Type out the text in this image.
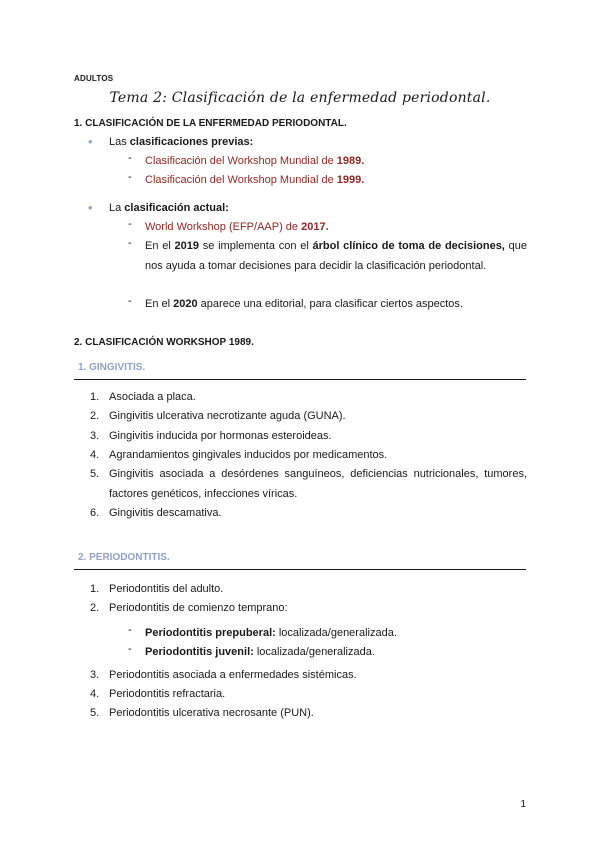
ADULTOS
Tema 2: Clasificación de la enfermedad periodontal.
1. CLASIFICACIÓN DE LA ENFERMEDAD PERIODONTAL.
• Las clasificaciones previas:
- Clasificación del Workshop Mundial de 1989.
- Clasificación del Workshop Mundial de 1999.
• La clasificación actual:
- World Workshop (EFP/AAP) de 2017.
- En el 2019 se implementa con el árbol clínico de toma de decisiones, que nos ayuda a tomar decisiones para decidir la clasificación periodontal.
- En el 2020 aparece una editorial, para clasificar ciertos aspectos.
2. CLASIFICACIÓN WORKSHOP 1989.
1. GINGIVITIS.
1. Asociada a placa.
2. Gingivitis ulcerativa necrotizante aguda (GUNA).
3. Gingivitis inducida por hormonas esteroideas.
4. Agrandamientos gingivales inducidos por medicamentos.
5. Gingivitis asociada a desórdenes sanguíneos, deficiencias nutricionales, tumores, factores genéticos, infecciones víricas.
6. Gingivitis descamativa.
2. PERIODONTITIS.
1. Periodontitis del adulto.
2. Periodontitis de comienzo temprano:
- Periodontitis prepuberal: localizada/generalizada.
- Periodontitis juvenil: localizada/generalizada.
3. Periodontitis asociada a enfermedades sistémicas.
4. Periodontitis refractaria.
5. Periodontitis ulcerativa necrosante (PUN).
1
